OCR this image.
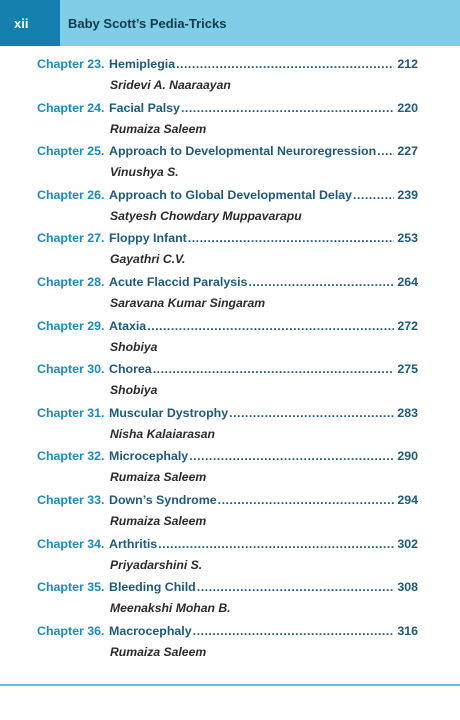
xii	Baby Scott’s Pedia-Tricks
Chapter 23. Hemiplegia .....	212
Sridevi A. Naaraayan
Chapter 24. Facial Palsy .....	220
Rumaiza Saleem
Chapter 25. Approach to Developmental Neuroregression ..... 227
Vinushya S.
Chapter 26. Approach to Global Developmental Delay .....	239
Satyesh Chowdary Muppavarapu
Chapter 27. Floppy Infant .....	253
Gayathri C.V.
Chapter 28. Acute Flaccid Paralysis .....	264
Saravana Kumar Singaram
Chapter 29. Ataxia .....	272
Shobiya
Chapter 30. Chorea .....	275
Shobiya
Chapter 31. Muscular Dystrophy .....	283
Nisha Kalaiarasan
Chapter 32. Microcephaly .....	290
Rumaiza Saleem
Chapter 33. Down’s Syndrome .....	294
Rumaiza Saleem
Chapter 34. Arthritis .....	302
Priyadarshini S.
Chapter 35. Bleeding Child .....	308
Meenakshi Mohan B.
Chapter 36. Macrocephaly .....	316
Rumaiza Saleem
